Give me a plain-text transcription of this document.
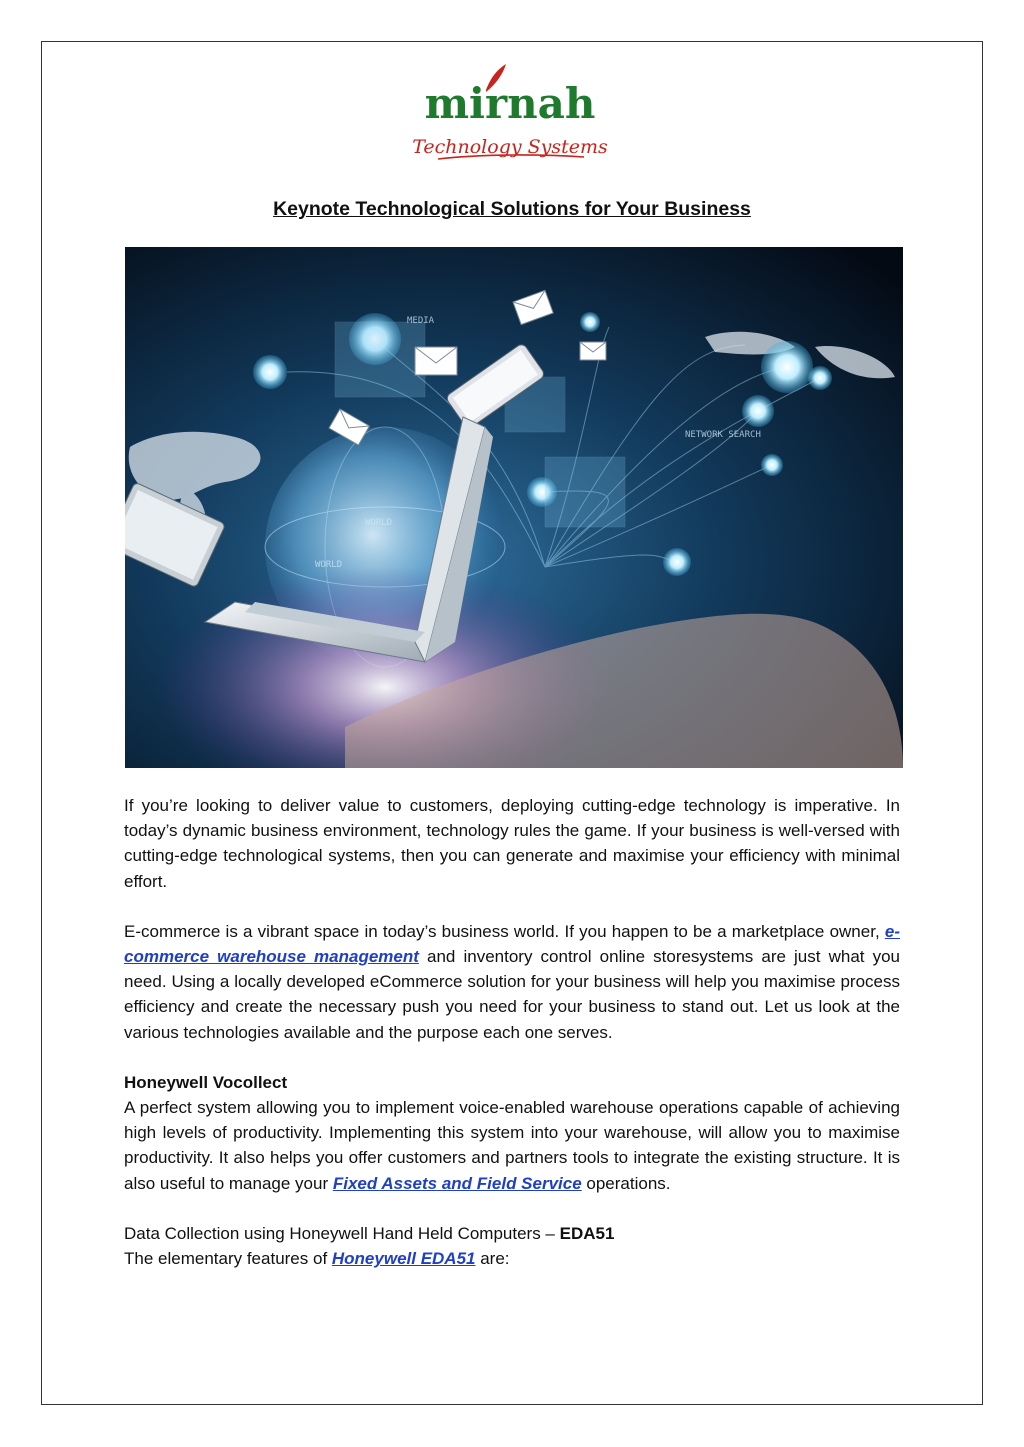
mirnah
Technology Systems
Keynote Technological Solutions for Your Business
MEDIA
WORLD
NETWORK SEARCH
WORLD

If you’re looking to deliver value to customers, deploying cutting-edge technology is imperative. In today’s dynamic business environment, technology rules the game. If your business is well-versed with cutting-edge technological systems, then you can generate and maximise your efficiency with minimal effort.

E-commerce is a vibrant space in today’s business world. If you happen to be a marketplace owner, e-commerce warehouse management and inventory control online storesystems are just what you need. Using a locally developed eCommerce solution for your business will help you maximise process efficiency and create the necessary push you need for your business to stand out. Let us look at the various technologies available and the purpose each one serves.

Honeywell Vocollect

A perfect system allowing you to implement voice-enabled warehouse operations capable of achieving high levels of productivity. Implementing this system into your warehouse, will allow you to maximise productivity. It also helps you offer customers and partners tools to integrate the existing structure. It is also useful to manage your Fixed Assets and Field Service operations.

Data Collection using Honeywell Hand Held Computers – EDA51

The elementary features of Honeywell EDA51 are:
